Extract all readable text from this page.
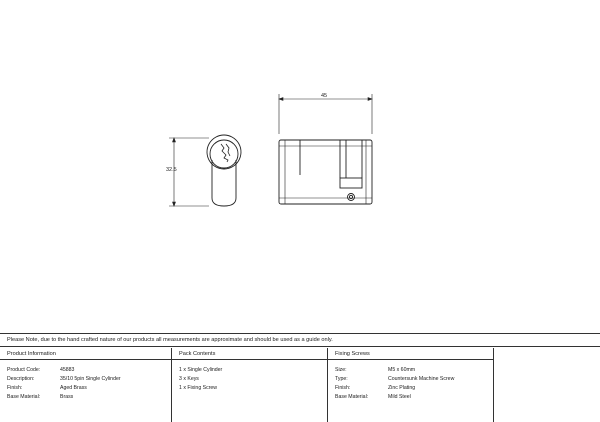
45
32.5
Please Note, due to the hand crafted nature of our products all measurements are approximate and should be used as a guide only.
Product Information
Product Code:	45883
Description:	35/10 5pin Single Cylinder
Finish:	Aged Brass
Base Material:	Brass
Pack Contents
1 x Single Cylinder
3 x Keys
1 x Fixing Screw
Fixing Screws
Size:	M5 x 60mm
Type:	Countersunk Machine Screw
Finish:	Zinc Plating
Base Material:	Mild Steel
